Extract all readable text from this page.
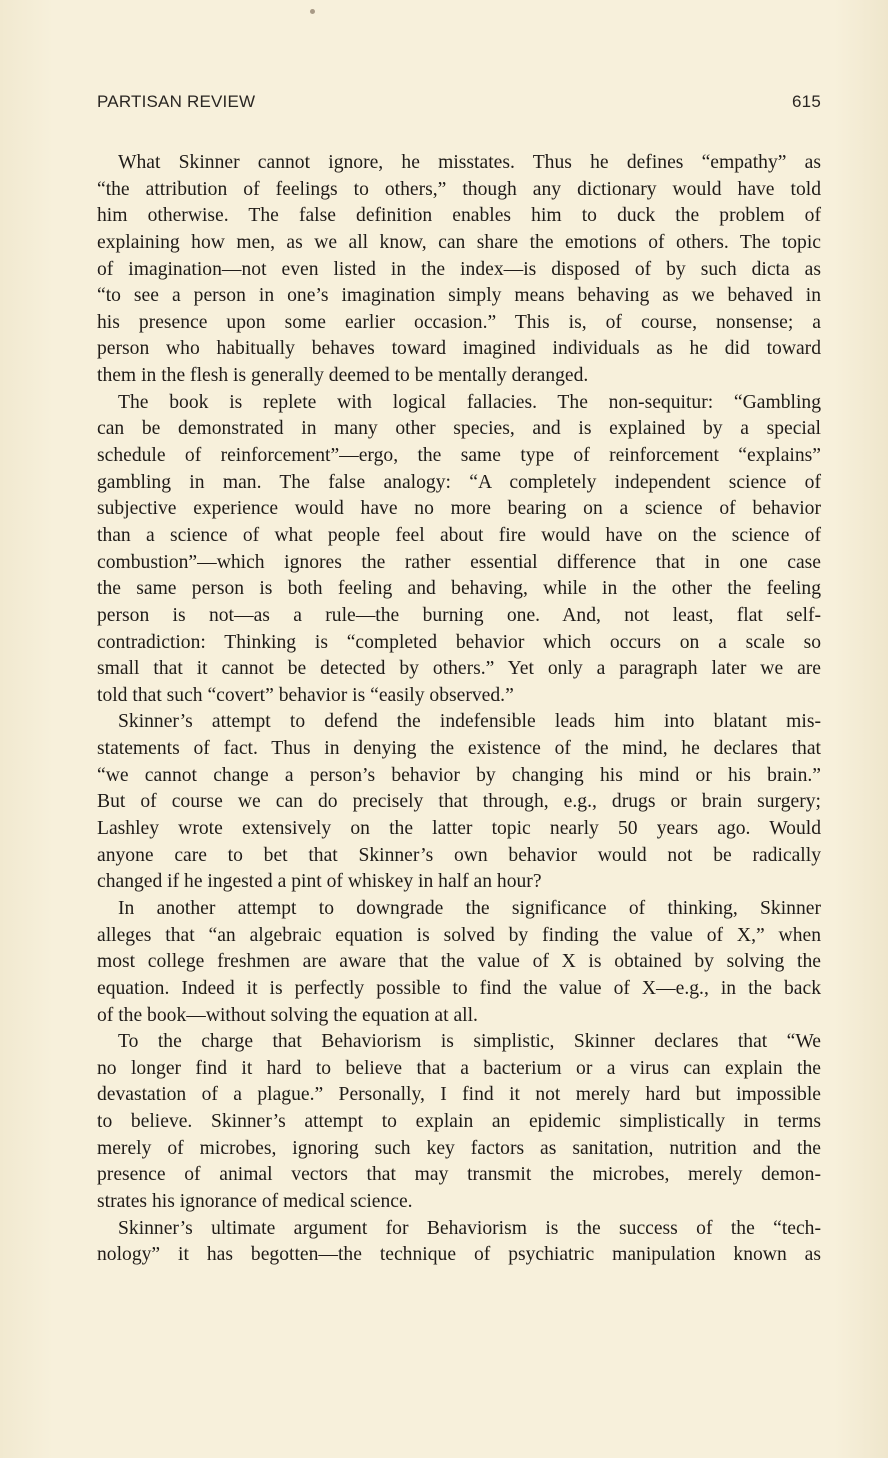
PARTISAN REVIEW	615
What Skinner cannot ignore, he misstates. Thus he defines “empathy” as
“the attribution of feelings to others,” though any dictionary would have told
him otherwise. The false definition enables him to duck the problem of
explaining how men, as we all know, can share the emotions of others. The topic
of imagination—not even listed in the index—is disposed of by such dicta as
“to see a person in one’s imagination simply means behaving as we behaved in
his presence upon some earlier occasion.” This is, of course, nonsense; a
person who habitually behaves toward imagined individuals as he did toward
them in the flesh is generally deemed to be mentally deranged.
The book is replete with logical fallacies. The non-sequitur: “Gambling
can be demonstrated in many other species, and is explained by a special
schedule of reinforcement”—ergo, the same type of reinforcement “explains”
gambling in man. The false analogy: “A completely independent science of
subjective experience would have no more bearing on a science of behavior
than a science of what people feel about fire would have on the science of
combustion”—which ignores the rather essential difference that in one case
the same person is both feeling and behaving, while in the other the feeling
person is not—as a rule—the burning one. And, not least, flat self-
contradiction: Thinking is “completed behavior which occurs on a scale so
small that it cannot be detected by others.” Yet only a paragraph later we are
told that such “covert” behavior is “easily observed.”
Skinner’s attempt to defend the indefensible leads him into blatant mis-
statements of fact. Thus in denying the existence of the mind, he declares that
“we cannot change a person’s behavior by changing his mind or his brain.”
But of course we can do precisely that through, e.g., drugs or brain surgery;
Lashley wrote extensively on the latter topic nearly 50 years ago. Would
anyone care to bet that Skinner’s own behavior would not be radically
changed if he ingested a pint of whiskey in half an hour?
In another attempt to downgrade the significance of thinking, Skinner
alleges that “an algebraic equation is solved by finding the value of X,” when
most college freshmen are aware that the value of X is obtained by solving the
equation. Indeed it is perfectly possible to find the value of X—e.g., in the back
of the book—without solving the equation at all.
To the charge that Behaviorism is simplistic, Skinner declares that “We
no longer find it hard to believe that a bacterium or a virus can explain the
devastation of a plague.” Personally, I find it not merely hard but impossible
to believe. Skinner’s attempt to explain an epidemic simplistically in terms
merely of microbes, ignoring such key factors as sanitation, nutrition and the
presence of animal vectors that may transmit the microbes, merely demon-
strates his ignorance of medical science.
Skinner’s ultimate argument for Behaviorism is the success of the “tech-
nology” it has begotten—the technique of psychiatric manipulation known as
